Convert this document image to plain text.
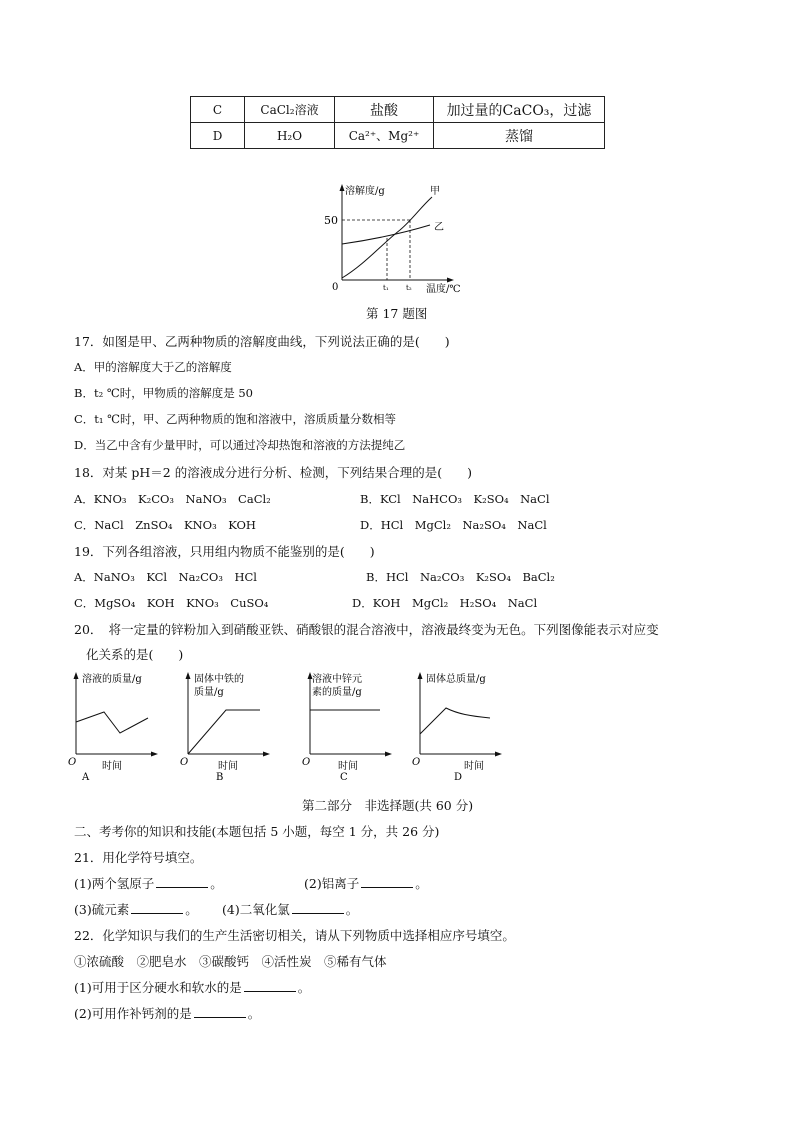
C	CaCl₂溶液	盐酸	加过量的CaCO₃，过滤
D	H₂O	Ca²⁺、Mg²⁺	蒸馏
溶解度/g	甲
乙
50
0	t₁ t₂ 温度/℃
第 17 题图
17．如图是甲、乙两种物质的溶解度曲线，下列说法正确的是(　　)
A．甲的溶解度大于乙的溶解度
B．t₂ ℃时，甲物质的溶解度是 50
C．t₁ ℃时，甲、乙两种物质的饱和溶液中，溶质质量分数相等
D．当乙中含有少量甲时，可以通过冷却热饱和溶液的方法提纯乙
18．对某 pH＝2 的溶液成分进行分析、检测，下列结果合理的是(　　)
A．KNO₃　K₂CO₃　NaNO₃　CaCl₂	B．KCl　NaHCO₃　K₂SO₄　NaCl
C．NaCl　ZnSO₄　KNO₃　KOH	D．HCl　MgCl₂　Na₂SO₄　NaCl
19．下列各组溶液，只用组内物质不能鉴别的是(　　)
A．NaNO₃　KCl　Na₂CO₃　HCl	B．HCl　Na₂CO₃　K₂SO₄　BaCl₂
C．MgSO₄　KOH　KNO₃　CuSO₄	D．KOH　MgCl₂　H₂SO₄　NaCl
20．　将一定量的锌粉加入到硝酸亚铁、硝酸银的混合溶液中，溶液最终变为无色。下列图像能表示对应变
化关系的是(　　)
溶液的质量/g
O	时间
A
固体中铁的
质量/g
O	时间
B
溶液中锌元
素的质量/g
O	时间
C
固体总质量/g
O	时间
D
第二部分　非选择题(共 60 分)
二、考考你的知识和技能(本题包括 5 小题，每空 1 分，共 26 分)
21．用化学符号填空。
(1)两个氢原子	。	(2)铝离子	。
(3)硫元素	。 (4)二氧化氯	。
22．化学知识与我们的生产生活密切相关，请从下列物质中选择相应序号填空。
①浓硫酸　②肥皂水　③碳酸钙　④活性炭　⑤稀有气体
(1)可用于区分硬水和软水的是	。
(2)可用作补钙剂的是	。
